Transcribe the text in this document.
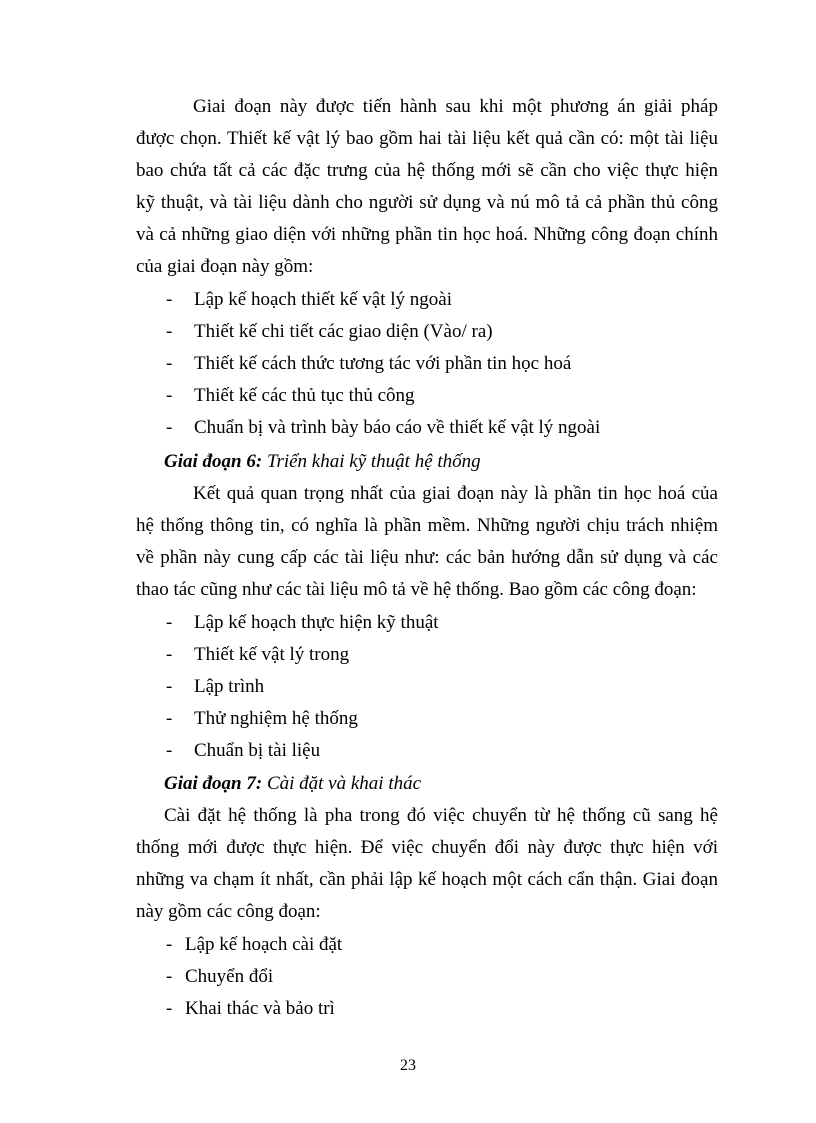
Giai đoạn này được tiến hành sau khi một phương án giải pháp
được chọn. Thiết kế vật lý bao gồm hai tài liệu kết quả cần có: một tài liệu
bao chứa tất cả các đặc trưng của hệ thống mới sẽ cần cho việc thực hiện
kỹ thuật, và tài liệu dành cho người sử dụng và nú mô tả cả phần thủ công
và cả những giao diện với những phần tin học hoá. Những công đoạn chính
của giai đoạn này gồm:
- Lập kế hoạch thiết kế vật lý ngoài
- Thiết kế chi tiết các giao diện (Vào/ ra)
- Thiết kế cách thức tương tác với phần tin học hoá
- Thiết kế các thủ tục thủ công
- Chuẩn bị và trình bày báo cáo về thiết kế vật lý ngoài
Giai đoạn 6: Triển khai kỹ thuật hệ thống
Kết quả quan trọng nhất của giai đoạn này là phần tin học hoá của
hệ thống thông tin, có nghĩa là phần mềm. Những người chịu trách nhiệm
về phần này cung cấp các tài liệu như: các bản hướng dẫn sử dụng và các
thao tác cũng như các tài liệu mô tả về hệ thống. Bao gồm các công đoạn:
- Lập kế hoạch thực hiện kỹ thuật
- Thiết kế vật lý trong
- Lập trình
- Thử nghiệm hệ thống
- Chuẩn bị tài liệu
Giai đoạn 7: Cài đặt và khai thác
Cài đặt hệ thống là pha trong đó việc chuyển từ hệ thống cũ sang hệ
thống mới được thực hiện. Để việc chuyển đổi này được thực hiện với
những va chạm ít nhất, cần phải lập kế hoạch một cách cẩn thận. Giai đoạn
này gồm các công đoạn:
- Lập kế hoạch cài đặt
- Chuyển đổi
- Khai thác và bảo trì
23
